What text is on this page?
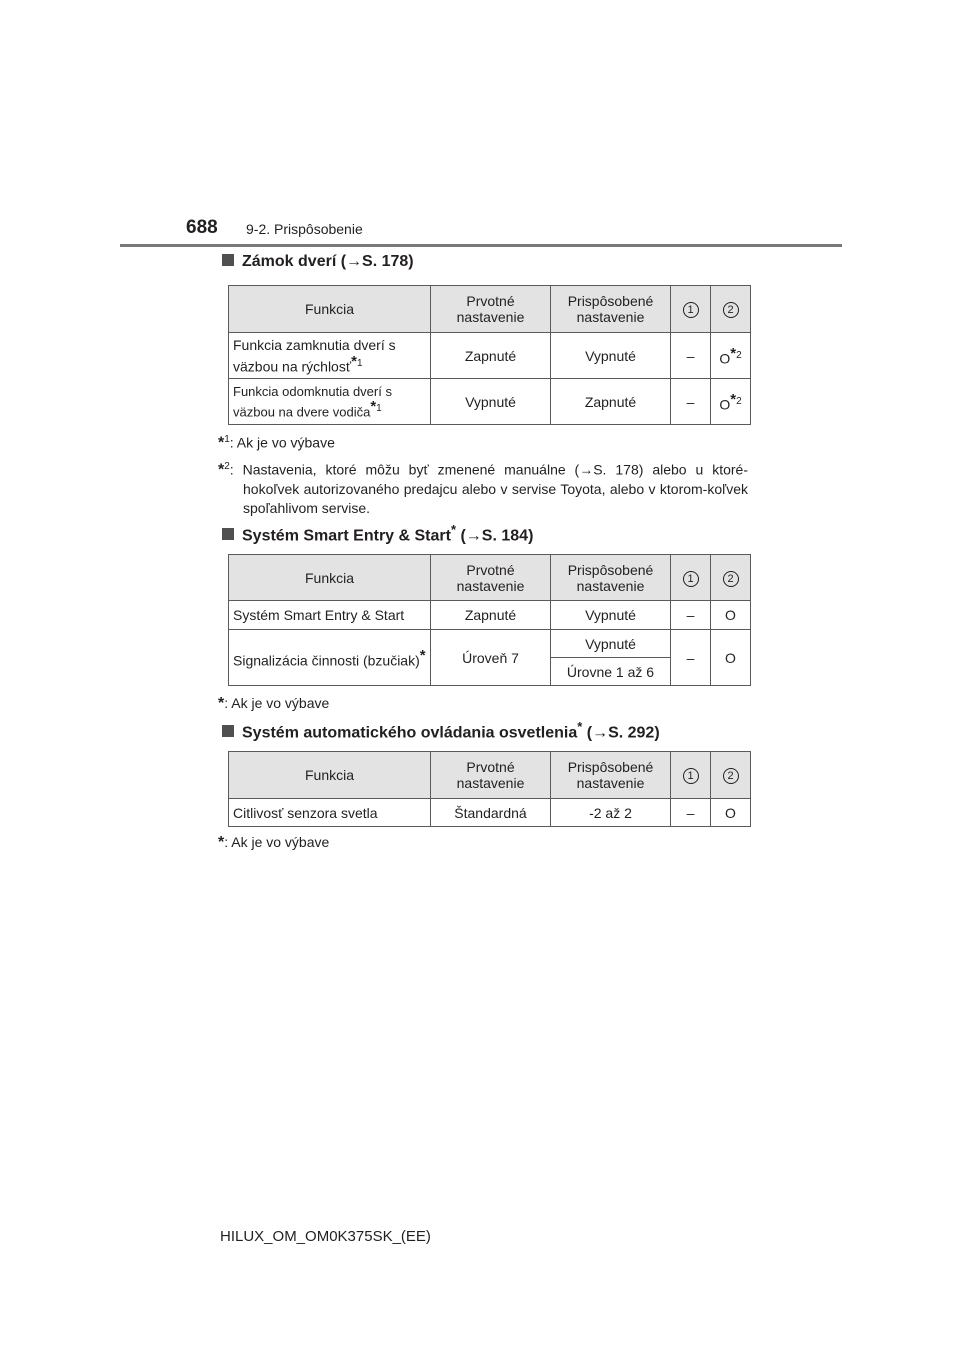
688 9-2. Prispôsobenie
Zámok dverí (→S. 178)
Funkcia	Prvotné nastavenie	Prispôsobené nastavenie	1	2
Funkcia zamknutia dverí s väzbou na rýchlosť$^{*1}$	Zapnuté	Vypnuté	–	$O^{*2}$
Funkcia odomknutia dverí s väzbou na dvere vodiča$^{*1}$	Vypnuté	Zapnuté	–	$O^{*2}$
*$^1$: Ak je vo výbave
*$^2$: Nastavenia, ktoré môžu byť zmenené manuálne (→S. 178) alebo u ktoré-hokoľvek autorizovaného predajcu alebo v servise Toyota, alebo v ktorom-koľvek spoľahlivom servise.
Systém Smart Entry & Start* (→S. 184)
Funkcia	Prvotné nastavenie	Prispôsobené nastavenie	1	2
Systém Smart Entry & Start	Zapnuté	Vypnuté	–	O
Signalizácia činnosti (bzučiak)*	Úroveň 7	Vypnuté	–	O
		Úrovne 1 až 6		
*: Ak je vo výbave
Systém automatického ovládania osvetlenia* (→S. 292)
Funkcia	Prvotné nastavenie	Prispôsobené nastavenie	1	2
Citlivosť senzora svetla	Štandardná	-2 až 2	–	O
*: Ak je vo výbave
HILUX_OM_OM0K375SK_(EE)
